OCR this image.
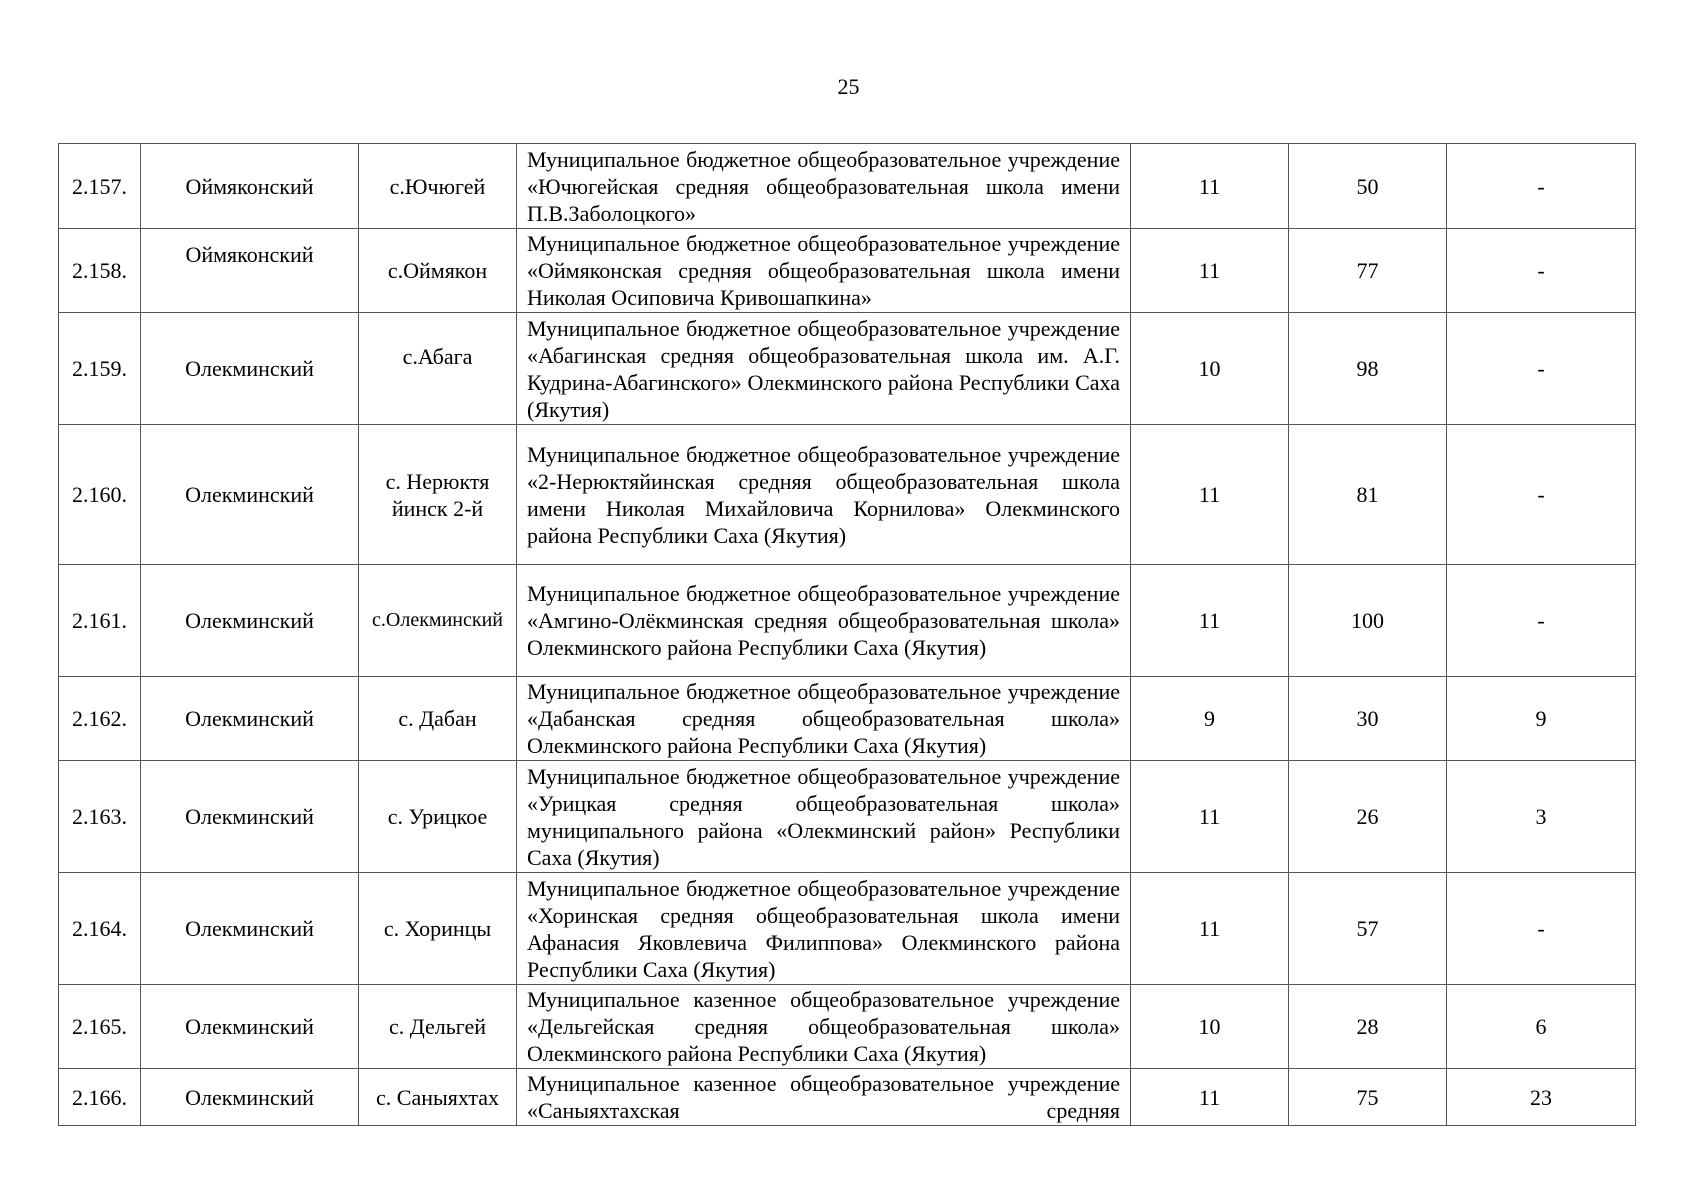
25
2.157.	Оймяконский	с.Ючюгей	Муниципальное бюджетное общеобразовательное учреждение «Ючюгейская средняя общеобразовательная школа имени П.В.Заболоцкого»	11	50	-
2.158.	Оймяконский	с.Оймякон	Муниципальное бюджетное общеобразовательное учреждение «Оймяконская средняя общеобразовательная школа имени Николая Осиповича Кривошапкина»	11	77	-
2.159.	Олекминский	с.Абага	Муниципальное бюджетное общеобразовательное учреждение «Абагинская средняя общеобразовательная школа им. А.Г. Кудрина-Абагинского» Олекминского района Республики Саха (Якутия)	10	98	-
2.160.	Олекминский	с. Нерюктя йинск 2-й	Муниципальное бюджетное общеобразовательное учреждение «2-Нерюктяйинская средняя общеобразовательная школа имени Николая Михайловича Корнилова» Олекминского района Республики Саха (Якутия)	11	81	-
2.161.	Олекминский	с.Олекминский	Муниципальное бюджетное общеобразовательное учреждение «Амгино-Олёкминская средняя общеобразовательная школа» Олекминского района Республики Саха (Якутия)	11	100	-
2.162.	Олекминский	с. Дабан	Муниципальное бюджетное общеобразовательное учреждение «Дабанская средняя общеобразовательная школа» Олекминского района Республики Саха (Якутия)	9	30	9
2.163.	Олекминский	с. Урицкое	Муниципальное бюджетное общеобразовательное учреждение «Урицкая средняя общеобразовательная школа» муниципального района «Олекминский район» Республики Саха (Якутия)	11	26	3
2.164.	Олекминский	с. Хоринцы	Муниципальное бюджетное общеобразовательное учреждение «Хоринская средняя общеобразовательная школа имени Афанасия Яковлевича Филиппова» Олекминского района Республики Саха (Якутия)	11	57	-
2.165.	Олекминский	с. Дельгей	Муниципальное казенное общеобразовательное учреждение «Дельгейская средняя общеобразовательная школа» Олекминского района Республики Саха (Якутия)	10	28	6
2.166.	Олекминский	с. Саныяхтах	Муниципальное казенное общеобразовательное учреждение «Саныяхтахская средняя	11	75	23
